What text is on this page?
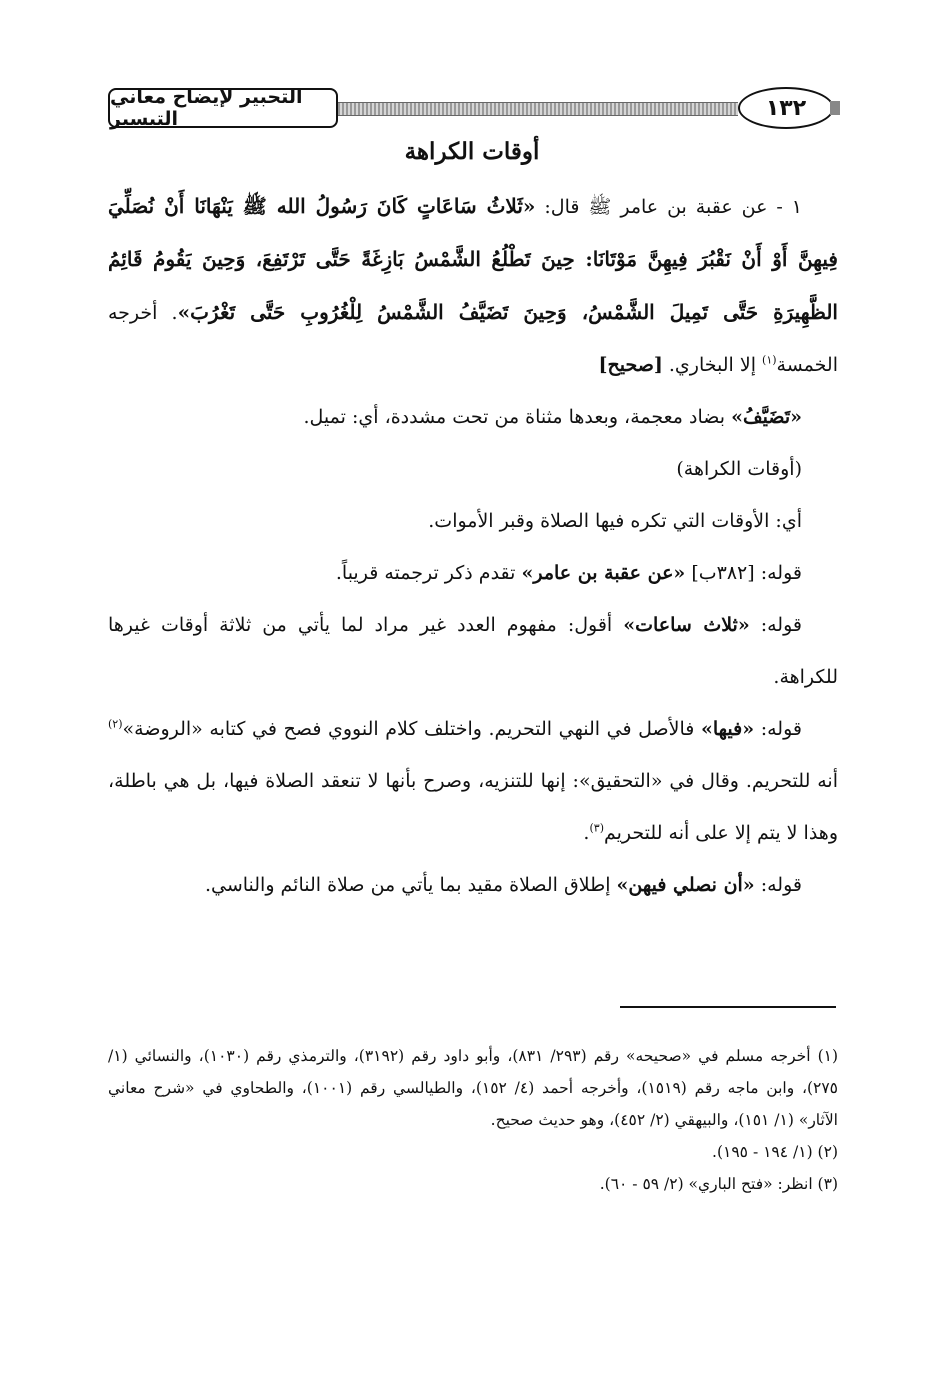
التحبير لإيضاح معاني التيسير	١٣٢
أوقات الكراهة

١ - عن عقبة بن عامر ﷺ قال: «ثَلاثُ سَاعَاتٍ كَانَ رَسُولُ الله ﷺ يَنْهَانَا أَنْ نُصَلِّيَ فِيهِنَّ أَوْ أَنْ نَقْبُرَ فِيهِنَّ مَوْتَانَا: حِينَ تَطْلُعُ الشَّمْسُ بَازِغَةً حَتَّى تَرْتَفِعَ، وَحِينَ يَقُومُ قَائِمُ الظَّهِيرَةِ حَتَّى تَمِيلَ الشَّمْسُ، وَحِينَ تَضَيَّفُ الشَّمْسُ لِلْغُرُوبِ حَتَّى تَغْرُبَ». أخرجه الخمسة$^{(١)}$ إلا البخاري. [صحيح]

«تَضَيَّفُ» بضاد معجمة، وبعدها مثناة من تحت مشددة، أي: تميل.

(أوقات الكراهة)

أي: الأوقات التي تكره فيها الصلاة وقبر الأموات.

قوله: [٣٨٢ب] «عن عقبة بن عامر» تقدم ذكر ترجمته قريباً.

قوله: «ثلاث ساعات» أقول: مفهوم العدد غير مراد لما يأتي من ثلاثة أوقات غيرها للكراهة.

قوله: «فيها» فالأصل في النهي التحريم. واختلف كلام النووي فصح في كتابه «الروضة»$^{(٢)}$ أنه للتحريم. وقال في «التحقيق»: إنها للتنزيه، وصرح بأنها لا تنعقد الصلاة فيها، بل هي باطلة، وهذا لا يتم إلا على أنه للتحريم$^{(٣)}$.

قوله: «أن نصلي فيهن» إطلاق الصلاة مقيد بما يأتي من صلاة النائم والناسي.

(١) أخرجه مسلم في «صحيحه» رقم (٢٩٣/ ٨٣١)، وأبو داود رقم (٣١٩٢)، والترمذي رقم (١٠٣٠)، والنسائي (١/ ٢٧٥)، وابن ماجه رقم (١٥١٩)، وأخرجه أحمد (٤/ ١٥٢)، والطيالسي رقم (١٠٠١)، والطحاوي في «شرح معاني الآثار» (١/ ١٥١)، والبيهقي (٢/ ٤٥٢)، وهو حديث صحيح.

(٢) (١/ ١٩٤ - ١٩٥).

(٣) انظر: «فتح الباري» (٢/ ٥٩ - ٦٠).
